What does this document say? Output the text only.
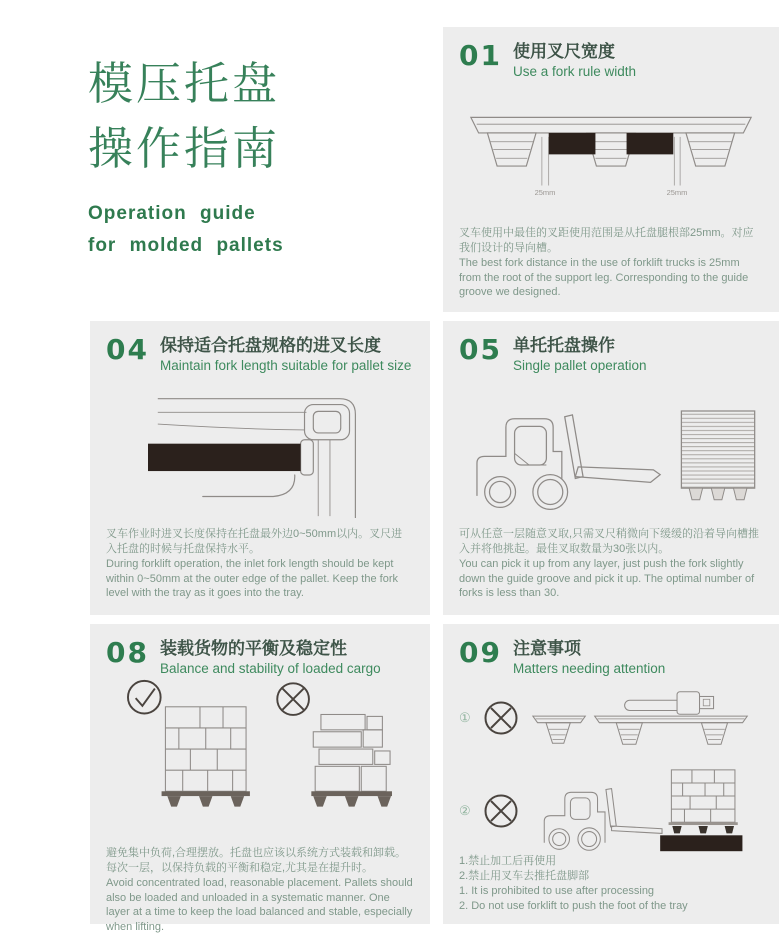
模压托盘
操作指南
Operation guide
for molded pallets
01 使用叉尺宽度
Use a fork rule width
25mm	25mm
叉车使用中最佳的叉距使用范围是从托盘腿根部25mm。对应我们设计的导向槽。
The best fork distance in the use of forklift trucks is 25mm from the root of the support leg. Corresponding to the guide groove we designed.
04 保持适合托盘规格的进叉长度
Maintain fork length suitable for pallet size
叉车作业时进叉长度保持在托盘最外边0~50mm以内。叉尺进 入托盘的时候与托盘保持水平。
During forklift operation, the inlet fork length should be kept within 0~50mm at the outer edge of the pallet. Keep the fork level with the tray as it goes into the tray.
05 单托托盘操作
Single pallet operation
可从任意一层随意叉取,只需叉尺稍微向下缓缓的沿着导向槽推入并将他挑起。最佳叉取数量为30张以内。
You can pick it up from any layer, just push the fork slightly down the guide groove and pick it up. The optimal number of forks is less than 30.
08 装载货物的平衡及稳定性
Balance and stability of loaded cargo
避免集中负荷,合理摆放。托盘也应该以系统方式装载和卸载。每次一层，以保持负载的平衡和稳定,尤其是在提升时。
Avoid concentrated load, reasonable placement. Pallets should also be loaded and unloaded in a systematic manner. One layer at a time to keep the load balanced and stable, especially when lifting.
09 注意事项
Matters needing attention
①
②
1.禁止加工后再使用
2.禁止用叉车去推托盘脚部
1. It is prohibited to use after processing
2. Do not use forklift to push the foot of the tray
